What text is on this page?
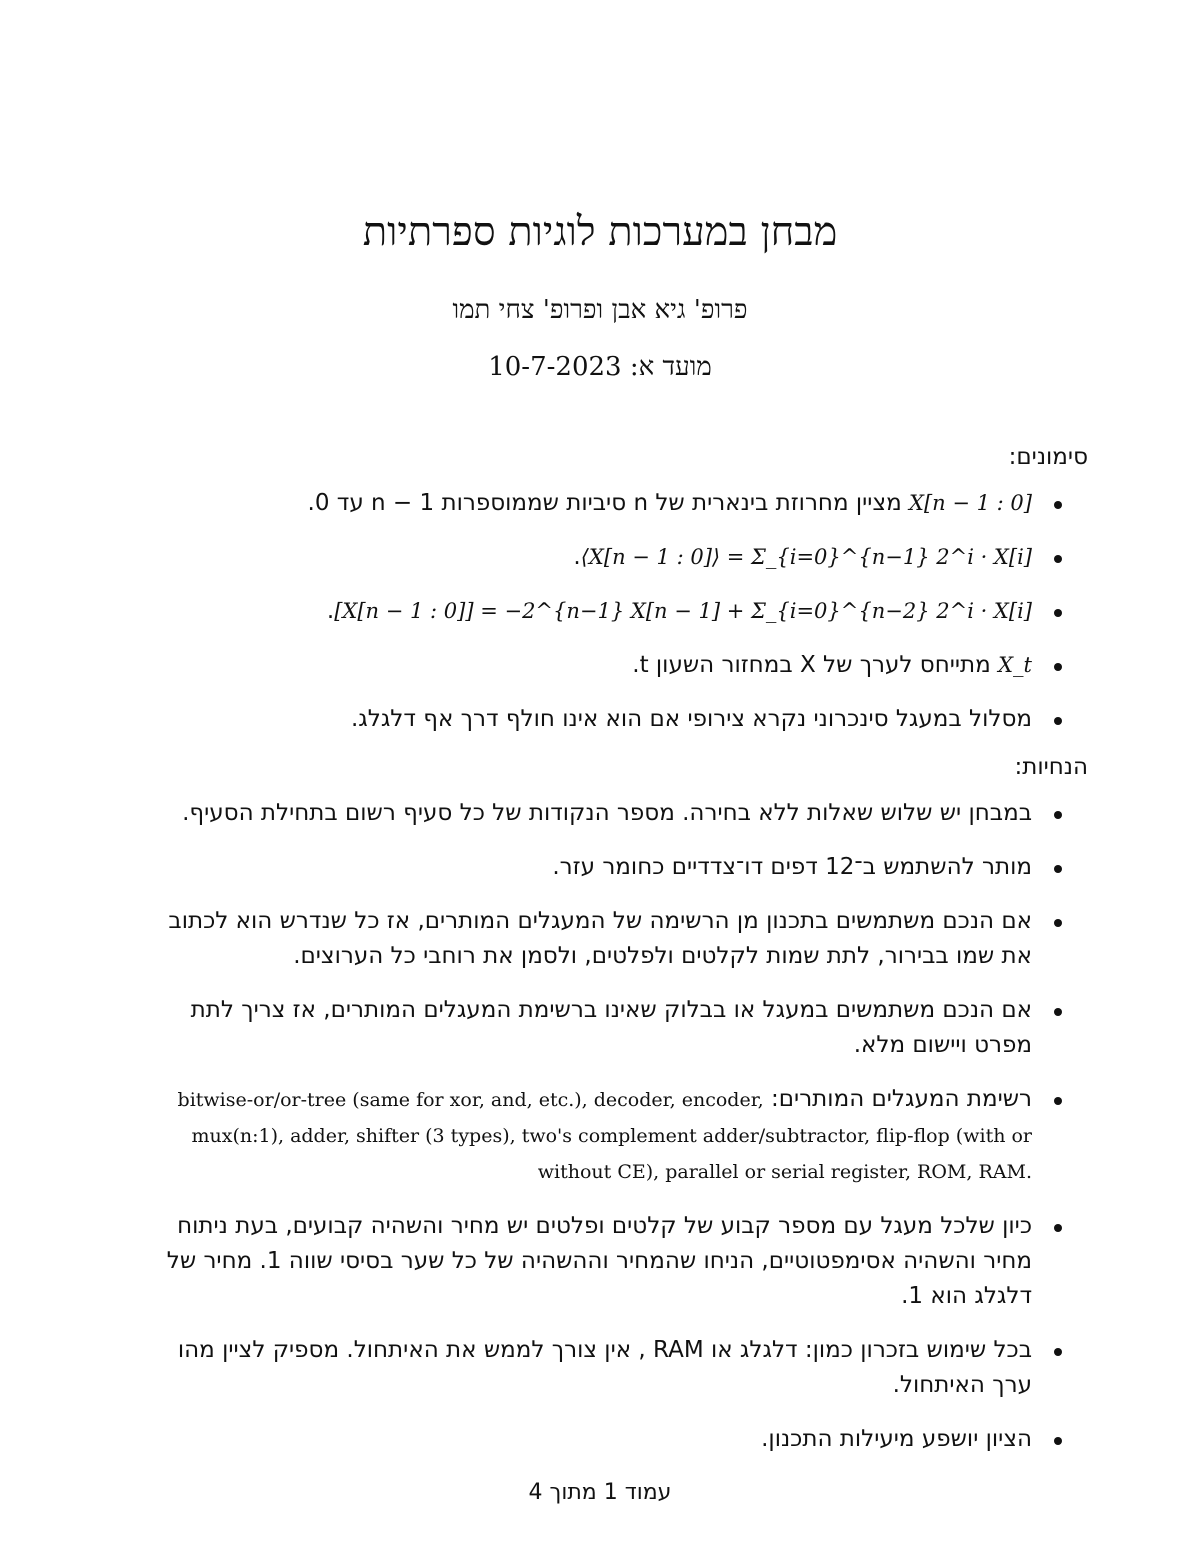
מבחן במערכות לוגיות ספרתיות
פרופ' גיא אבן ופרופ' צחי תמו
מועד א: 10-7-2023
סימונים:
X[n − 1 : 0] מציין מחרוזת בינארית של n סיביות שממוספרות n − 1 עד 0.
⟨X[n − 1 : 0]⟩ = Σ_{i=0}^{n−1} 2^i · X[i].
[X[n − 1 : 0]] = −2^{n−1} X[n − 1] + Σ_{i=0}^{n−2} 2^i · X[i].
X_t מתייחס לערך של X במחזור השעון t.
מסלול במעגל סינכרוני נקרא צירופי אם הוא אינו חולף דרך אף דלגלג.
הנחיות:
במבחן יש שלוש שאלות ללא בחירה. מספר הנקודות של כל סעיף רשום בתחילת הסעיף.
מותר להשתמש ב־12 דפים דו־צדדיים כחומר עזר.
אם הנכם משתמשים בתכנון מן הרשימה של המעגלים המותרים, אז כל שנדרש הוא לכתוב את שמו בבירור, לתת שמות לקלטים ולפלטים, ולסמן את רוחבי כל הערוצים.
אם הנכם משתמשים במעגל או בבלוק שאינו ברשימת המעגלים המותרים, אז צריך לתת מפרט ויישום מלא.
רשימת המעגלים המותרים: bitwise-or/or-tree (same for xor, and, etc.), decoder, encoder, mux(n:1), adder, shifter (3 types), two's complement adder/subtractor, flip-flop (with or without CE), parallel or serial register, ROM, RAM.
כיון שלכל מעגל עם מספר קבוע של קלטים ופלטים יש מחיר והשהיה קבועים, בעת ניתוח מחיר והשהיה אסימפטוטיים, הניחו שהמחיר וההשהיה של כל שער בסיסי שווה 1. מחיר של דלגלג הוא 1.
בכל שימוש בזכרון כמון: דלגלג או RAM , אין צורך לממש את האיתחול. מספיק לציין מהו ערך האיתחול.
הציון יושפע מיעילות התכנון.
עמוד 1 מתוך 4
